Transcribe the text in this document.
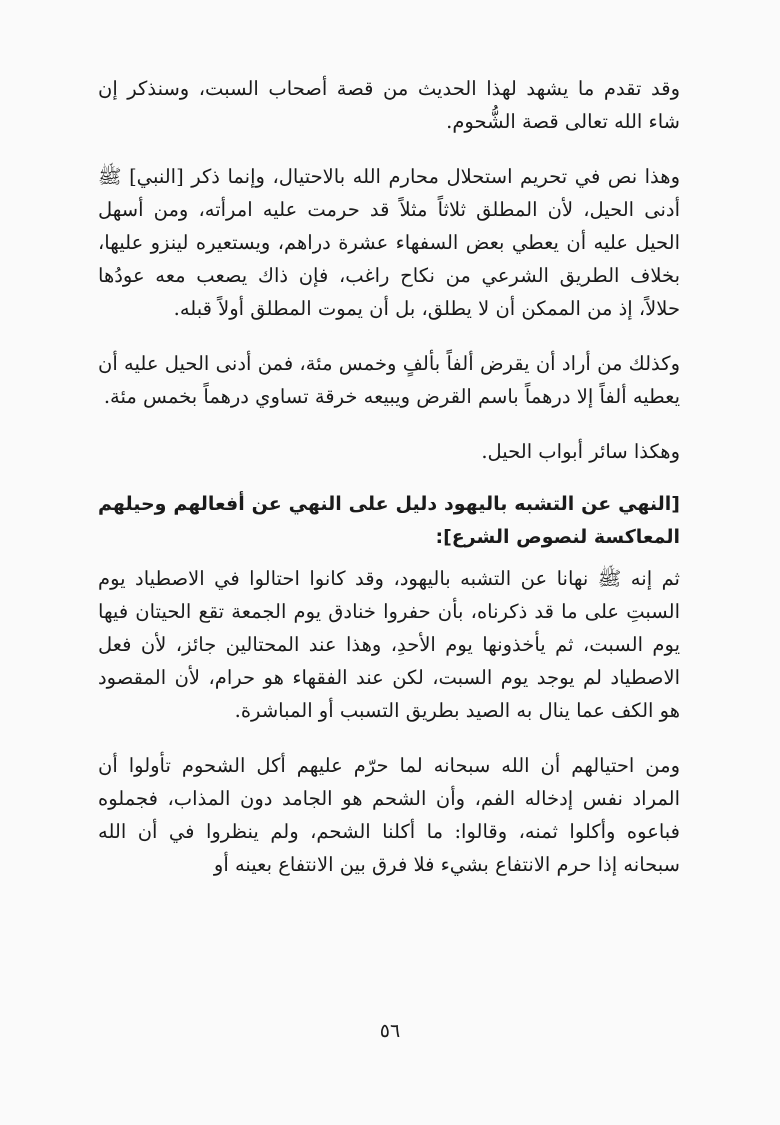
وقد تقدم ما يشهد لهذا الحديث من قصة أصحاب السبت، وسنذكر إن شاء الله تعالى قصة الشُّحوم.

وهذا نص في تحريم استحلال محارم الله بالاحتيال، وإنما ذكر [النبي] ﷺ أدنى الحيل، لأن المطلق ثلاثاً مثلاً قد حرمت عليه امرأته، ومن أسهل الحيل عليه أن يعطي بعض السفهاء عشرة دراهم، ويستعيره لينزو عليها، بخلاف الطريق الشرعي من نكاح راغب، فإن ذاك يصعب معه عودُها حلالاً، إذ من الممكن أن لا يطلق، بل أن يموت المطلق أولاً قبله.

وكذلك من أراد أن يقرض ألفاً بألفٍ وخمس مئة، فمن أدنى الحيل عليه أن يعطيه ألفاً إلا درهماً باسم القرض ويبيعه خرقة تساوي درهماً بخمس مئة.

وهكذا سائر أبواب الحيل.

[النهي عن التشبه باليهود دليل على النهي عن أفعالهم وحيلهم المعاكسة لنصوص الشرع]:

ثم إنه ﷺ نهانا عن التشبه باليهود، وقد كانوا احتالوا في الاصطياد يوم السبتِ على ما قد ذكرناه، بأن حفروا خنادق يوم الجمعة تقع الحيتان فيها يوم السبت، ثم يأخذونها يوم الأحدِ، وهذا عند المحتالين جائز، لأن فعل الاصطياد لم يوجد يوم السبت، لكن عند الفقهاء هو حرام، لأن المقصود هو الكف عما ينال به الصيد بطريق التسبب أو المباشرة.

ومن احتيالهم أن الله سبحانه لما حرّم عليهم أكل الشحوم تأولوا أن المراد نفس إدخاله الفم، وأن الشحم هو الجامد دون المذاب، فجملوه فباعوه وأكلوا ثمنه، وقالوا: ما أكلنا الشحم، ولم ينظروا في أن الله سبحانه إذا حرم الانتفاع بشيء فلا فرق بين الانتفاع بعينه أو

٥٦
